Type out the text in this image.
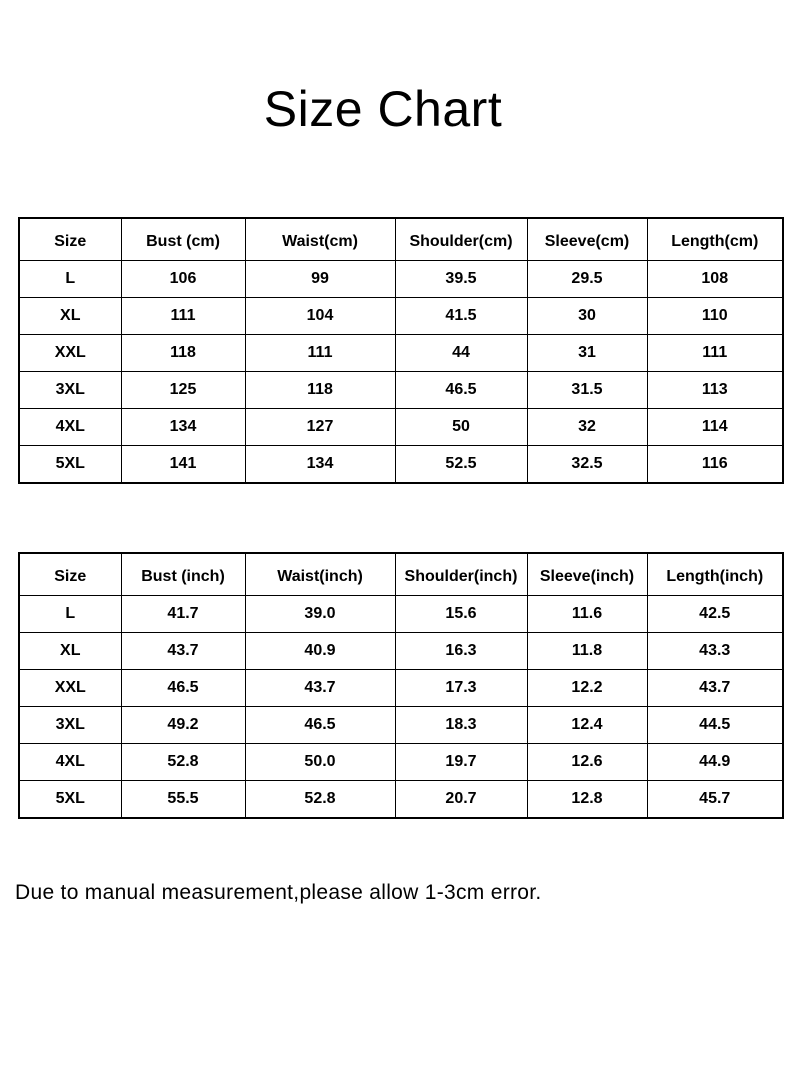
Size Chart
Size	Bust (cm)	Waist(cm)	Shoulder(cm)	Sleeve(cm)	Length(cm)
L	106	99	39.5	29.5	108
XL	111	104	41.5	30	110
XXL	118	111	44	31	111
3XL	125	118	46.5	31.5	113
4XL	134	127	50	32	114
5XL	141	134	52.5	32.5	116
Size	Bust (inch)	Waist(inch)	Shoulder(inch)	Sleeve(inch)	Length(inch)
L	41.7	39.0	15.6	11.6	42.5
XL	43.7	40.9	16.3	11.8	43.3
XXL	46.5	43.7	17.3	12.2	43.7
3XL	49.2	46.5	18.3	12.4	44.5
4XL	52.8	50.0	19.7	12.6	44.9
5XL	55.5	52.8	20.7	12.8	45.7
Due to manual measurement,please allow 1-3cm error.
